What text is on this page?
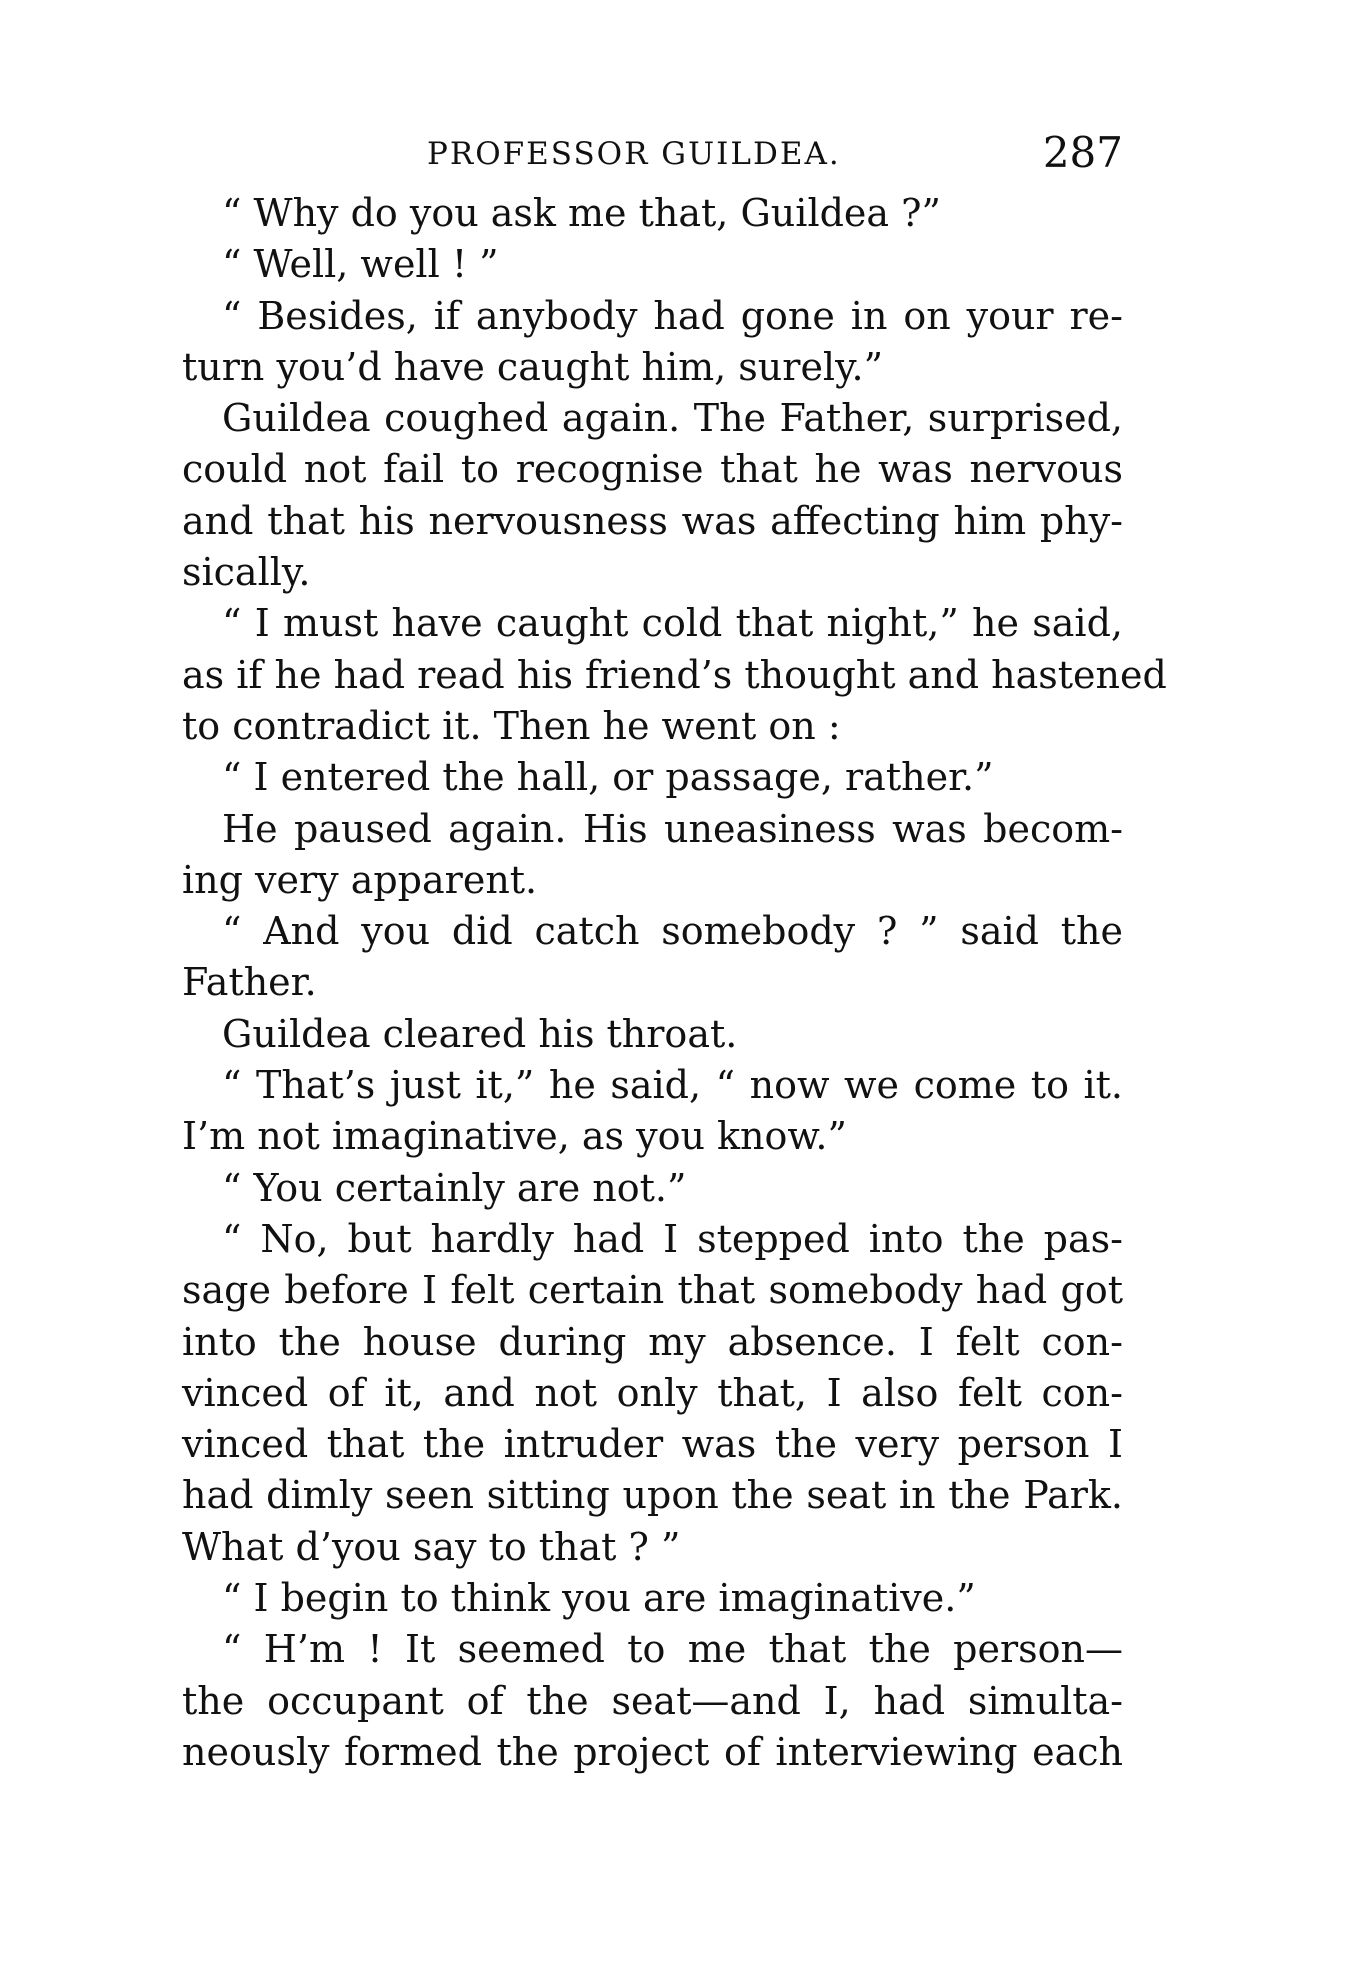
PROFESSOR GUILDEA.	287
“ Why do you ask me that, Guildea ?”
“ Well, well ! ”
“ Besides, if anybody had gone in on your re-
turn you’d have caught him, surely.”
Guildea coughed again. The Father, surprised,
could not fail to recognise that he was nervous
and that his nervousness was affecting him phy-
sically.
“ I must have caught cold that night,” he said,
as if he had read his friend’s thought and hastened
to contradict it. Then he went on :
“ I entered the hall, or passage, rather.”
He paused again. His uneasiness was becom-
ing very apparent.
“ And you did catch somebody ? ” said the
Father.
Guildea cleared his throat.
“ That’s just it,” he said, “ now we come to it.
I’m not imaginative, as you know.”
“ You certainly are not.”
“ No, but hardly had I stepped into the pas-
sage before I felt certain that somebody had got
into the house during my absence. I felt con-
vinced of it, and not only that, I also felt con-
vinced that the intruder was the very person I
had dimly seen sitting upon the seat in the Park.
What d’you say to that ? ”
“ I begin to think you are imaginative.”
“ H’m ! It seemed to me that the person—
the occupant of the seat—and I, had simulta-
neously formed the project of interviewing each
